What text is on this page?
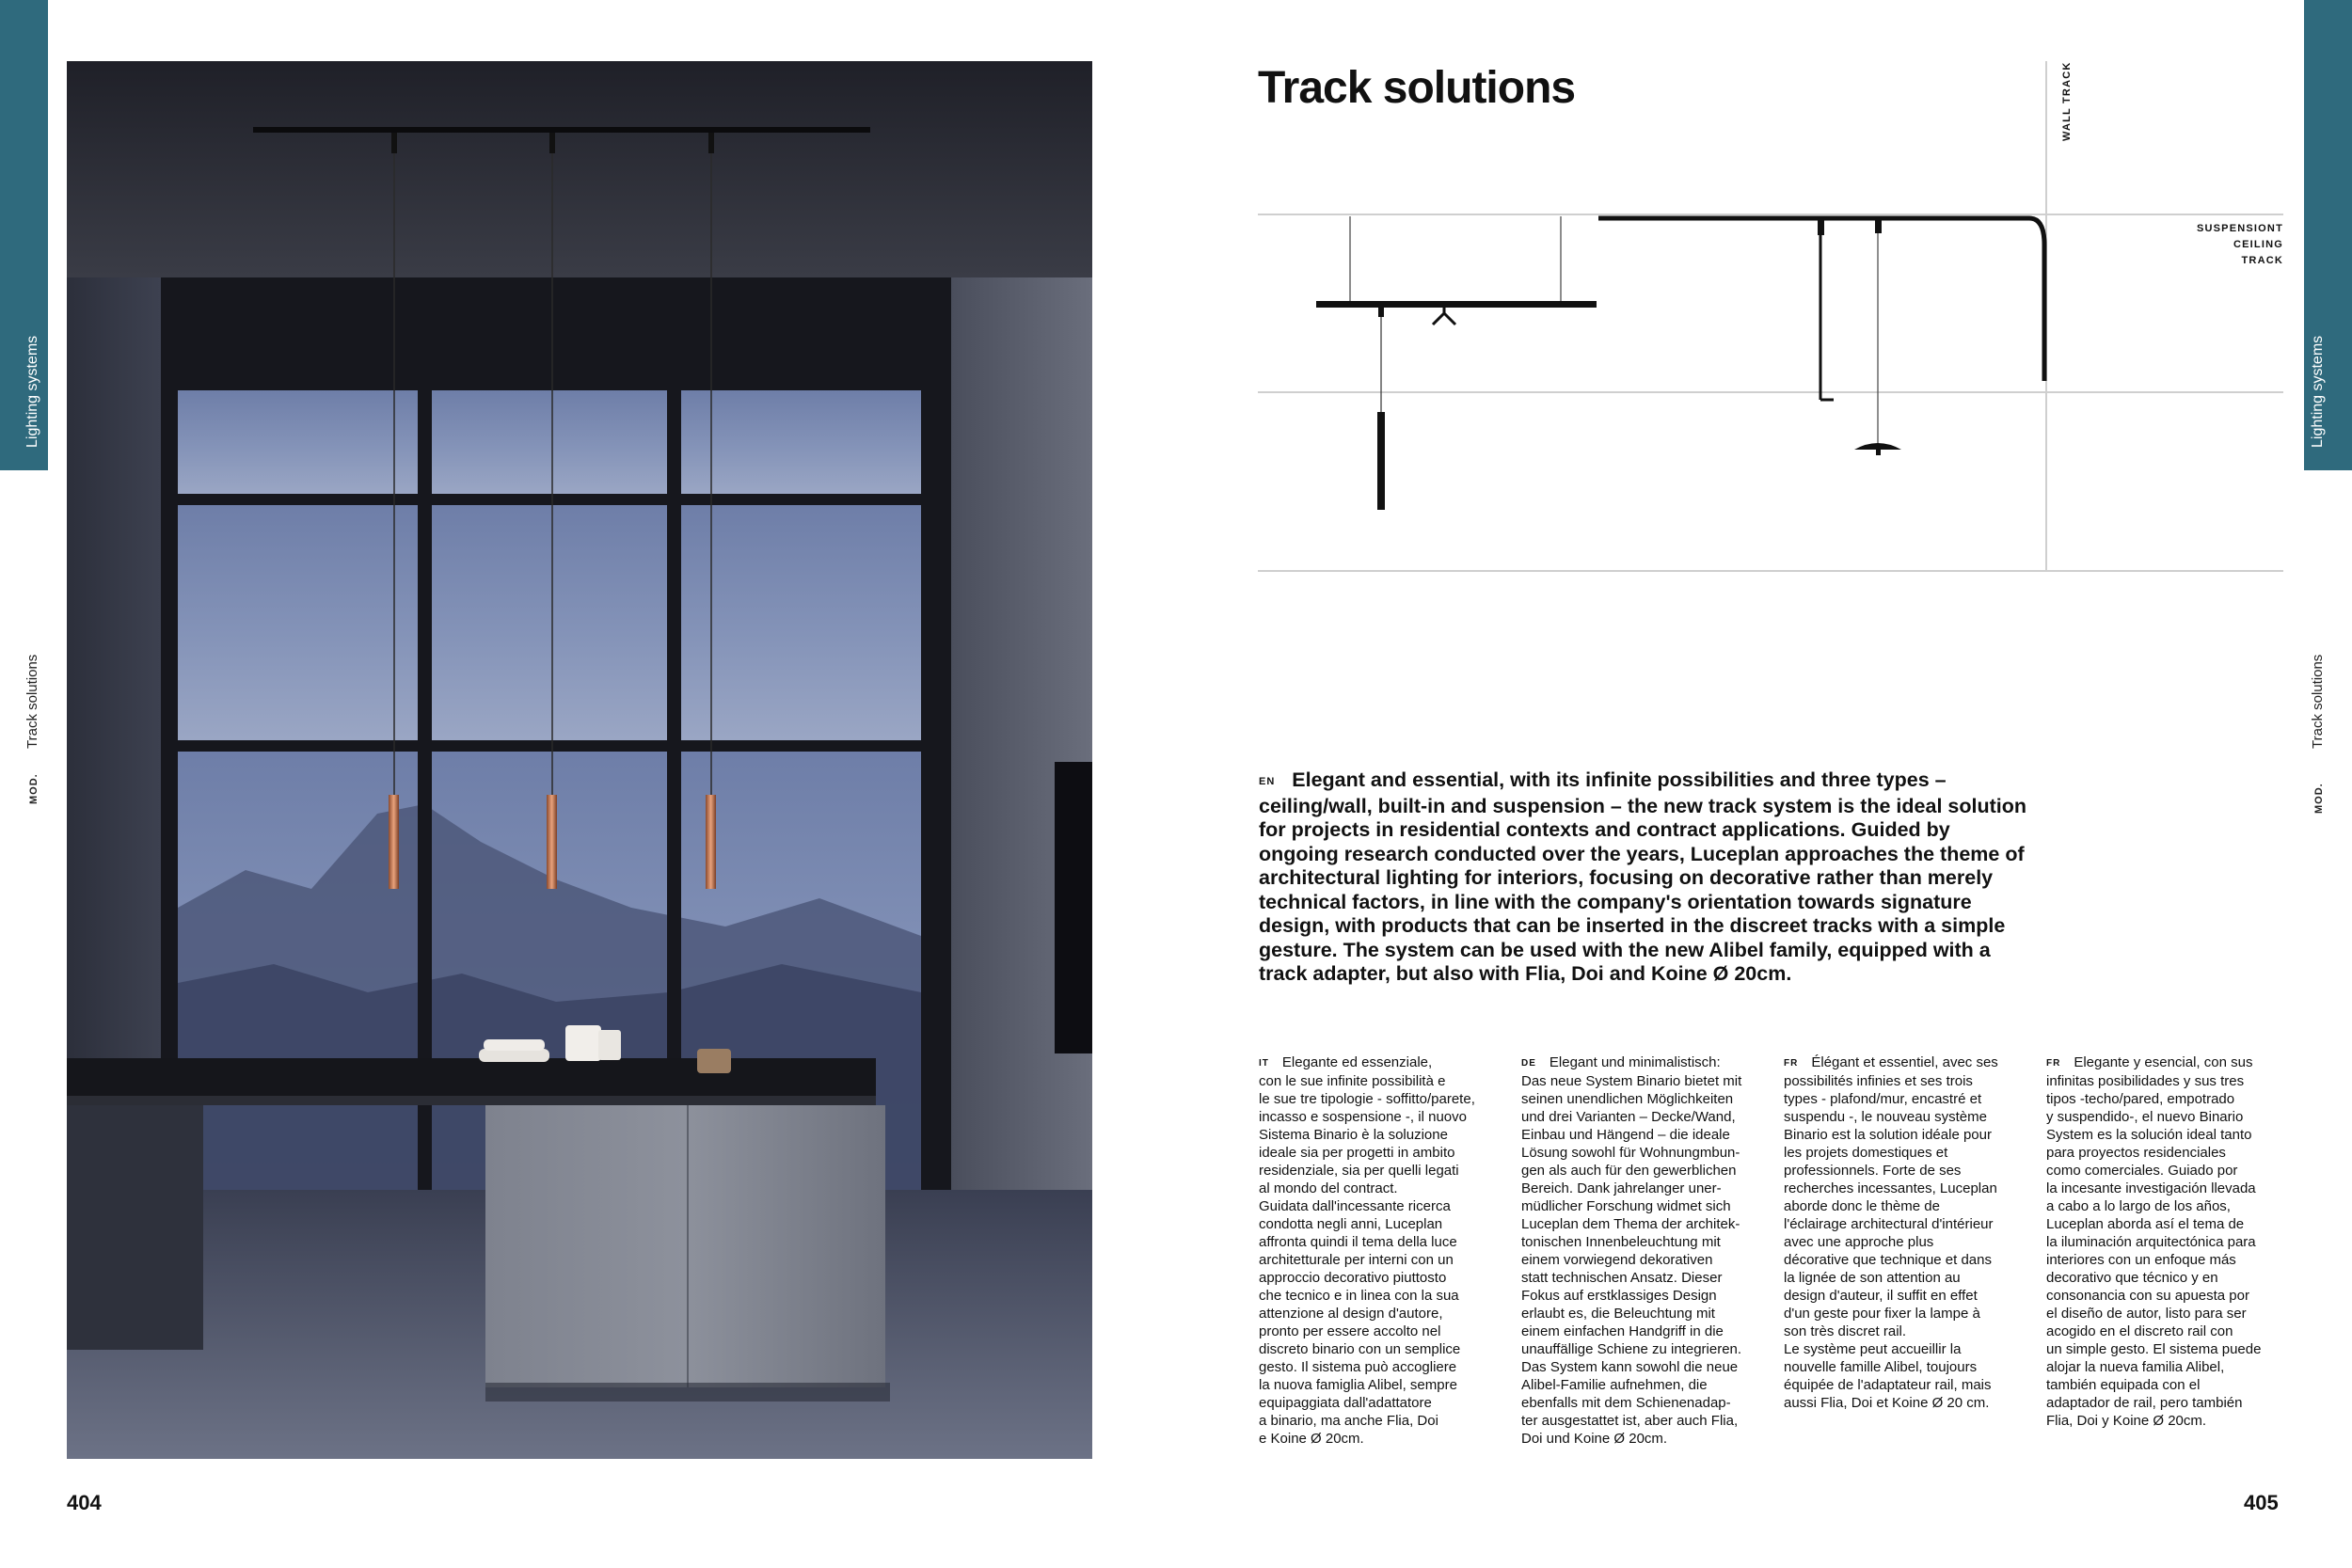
Lighting systems
Track solutions
MOD.
Lighting systems
Track solutions
MOD.
404	405
Track solutions	WALL TRACK
SUSPENSIONT
CEILING
TRACK
EN Elegant and essential, with its infinite possibilities and three types – ceiling/wall, built-in and suspension – the new track system is the ideal solution for projects in residential contexts and contract applications. Guided by ongoing research conducted over the years, Luceplan approaches the theme of architectural lighting for interiors, focusing on decorative rather than merely technical factors, in line with the company's orientation towards signature design, with products that can be inserted in the discreet tracks with a simple gesture. The system can be used with the new Alibel family, equipped with a track adapter, but also with Flia, Doi and Koine Ø 20cm.

IT Elegante ed essenziale,
con le sue infinite possibilità e
le sue tre tipologie - soffitto/parete,
incasso e sospensione -, il nuovo
Sistema Binario è la soluzione
ideale sia per progetti in ambito
residenziale, sia per quelli legati
al mondo del contract.
Guidata dall'incessante ricerca
condotta negli anni, Luceplan
affronta quindi il tema della luce
architetturale per interni con un
approccio decorativo piuttosto
che tecnico e in linea con la sua
attenzione al design d'autore,
pronto per essere accolto nel
discreto binario con un semplice
gesto. Il sistema può accogliere
la nuova famiglia Alibel, sempre
equipaggiata dall'adattatore
a binario, ma anche Flia, Doi
e Koine Ø 20cm.

DE Elegant und minimalistisch:
Das neue System Binario bietet mit
seinen unendlichen Möglichkeiten
und drei Varianten – Decke/Wand,
Einbau und Hängend – die ideale
Lösung sowohl für Wohnungmbun-
gen als auch für den gewerblichen
Bereich. Dank jahrelanger uner-
müdlicher Forschung widmet sich
Luceplan dem Thema der architek-
tonischen Innenbeleuchtung mit
einem vorwiegend dekorativen
statt technischen Ansatz. Dieser
Fokus auf erstklassiges Design
erlaubt es, die Beleuchtung mit
einem einfachen Handgriff in die
unauffällige Schiene zu integrieren.
Das System kann sowohl die neue
Alibel-Familie aufnehmen, die
ebenfalls mit dem Schienenadap-
ter ausgestattet ist, aber auch Flia,
Doi und Koine Ø 20cm.

FR Élégant et essentiel, avec ses
possibilités infinies et ses trois
types - plafond/mur, encastré et
suspendu -, le nouveau système
Binario est la solution idéale pour
les projets domestiques et
professionnels. Forte de ses
recherches incessantes, Luceplan
aborde donc le thème de
l'éclairage architectural d'intérieur
avec une approche plus
décorative que technique et dans
la lignée de son attention au
design d'auteur, il suffit en effet
d'un geste pour fixer la lampe à
son très discret rail.
Le système peut accueillir la
nouvelle famille Alibel, toujours
équipée de l'adaptateur rail, mais
aussi Flia, Doi et Koine Ø 20 cm.

FR Elegante y esencial, con sus
infinitas posibilidades y sus tres
tipos -techo/pared, empotrado
y suspendido-, el nuevo Binario
System es la solución ideal tanto
para proyectos residenciales
como comerciales. Guiado por
la incesante investigación llevada
a cabo a lo largo de los años,
Luceplan aborda así el tema de
la iluminación arquitectónica para
interiores con un enfoque más
decorativo que técnico y en
consonancia con su apuesta por
el diseño de autor, listo para ser
acogido en el discreto rail con
un simple gesto. El sistema puede
alojar la nueva familia Alibel,
también equipada con el
adaptador de rail, pero también
Flia, Doi y Koine Ø 20cm.
